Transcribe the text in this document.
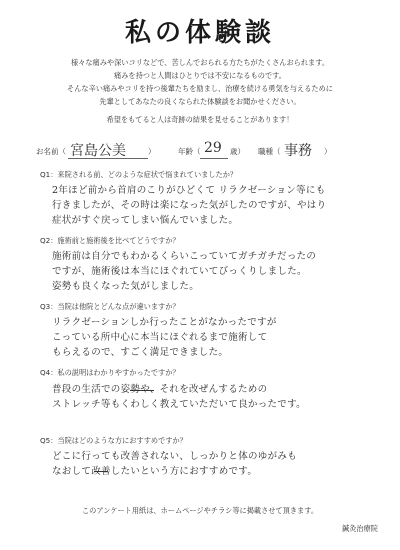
私の体験談
様々な痛みや深いコリなどで、苦しんでおられる方たちがたくさんおられます。
痛みを持つと人間はひとりでは不安になるものです。
そんな辛い痛みやコリを持つ後輩たちを励まし、治療を続ける勇気を与えるために
先輩としてあなたの良くなられた体験談をお聞かせください。
希望をもてると人は奇跡の結果を見せることがあります！
お名前（ 宮島公美	）	年齢（ 29 歳） 職種（ 事務 ）
Q1：来院される前、どのような症状で悩まれていましたか？
2年ほど前から首肩のこりがひどくて リラクゼーション等にも
行きましたが、その時は楽になった気がしたのですが、やはり
症状がすぐ戻ってしまい悩んでいました。
Q2：施術前と施術後を比べてどうですか？
施術前は自分でもわかるくらいこっていてガチガチだったの
ですが、施術後は本当にほぐれていてびっくりしました。
姿勢も良くなった気がしました。
Q3：当院は他院とどんな点が違いますか？
リラクゼーションしか行ったことがなかったですが
こっている所中心に本当にほぐれるまで施術して
もらえるので、すごく満足できました。
Q4：私の説明はわかりやすかったですか？
普段の生活での姿勢や、それを改ぜんするための
ストレッチ等もくわしく教えていただいて良かったです。
Q5：当院はどのような方におすすめですか？
どこに行っても改善されない、しっかりと体のゆがみも
なおして改善したいという方におすすめです。
このアンケート用紙は、ホームページやチラシ等に掲載させて頂きます。
鍼灸治療院
